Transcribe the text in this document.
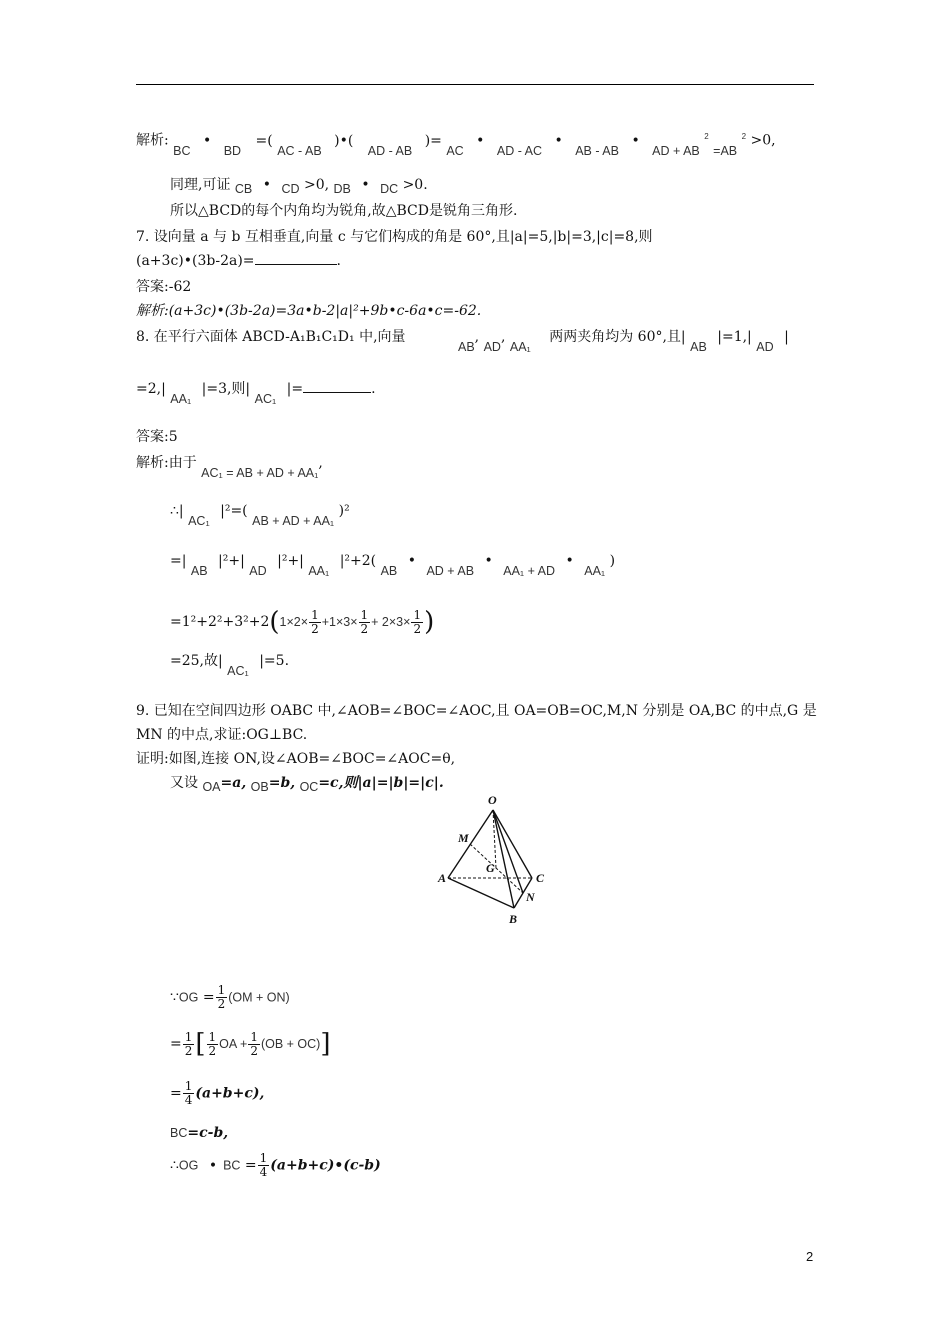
解析: BC • BD =( AC - AB )•( AD - AB )= AC • AD - AC • AB - AB • AD + AB $^2$ =AB $^2$ >0,
同理,可证 CB • CD >0, DB • DC >0.
所以△BCD的每个内角均为锐角,故△BCD是锐角三角形.
7. 设向量 a 与 b 互相垂直,向量 c 与它们构成的角是 60°,且|a|=5,|b|=3,|c|=8,则
(a+3c)•(3b-2a)=	.
答案:-62
解析:(a+3c)•(3b-2a)=3a•b-2|a|²+9b•c-6a•c=-62.
8. 在平行六面体 ABCD-A₁B₁C₁D₁ 中,向量 AB, AD, AA₁ 两两夹角均为 60°,且| AB |=1,| AD |
=2,| AA₁ |=3,则| AC₁ |=	.
答案:5
解析:由于 AC₁ = AB + AD + AA₁,
∴| AC₁ |²=( AB + AD + AA₁ )²
=| AB |²+| AD |²+| AA₁ |²+2( AB • AD + AB • AA₁ + AD • AA₁ )
$=1^2+2^2+3^2+2(1\times 2\times \frac{1}{2} +1\times 3\times \frac{1}{2} + 2\times 3\times \frac{1}{2}$ )
=25,故| AC₁ |=5.
9. 已知在空间四边形 OABC 中,∠AOB=∠BOC=∠AOC,且 OA=OB=OC,M,N 分别是 OA,BC 的中点,G 是
MN 的中点,求证:OG⊥BC.
证明:如图,连接 ON,设∠AOB=∠BOC=∠AOC=θ,
又设 OA=a, OB=b, OC=c,则|a|=|b|=|c|.
O
M
G
A	C
N
B
∵OG = $\frac{1}{2} (OM + ON)$
= $\frac{1}{2}$ [ $\frac{1}{2}$ OA + $\frac{1}{2} (OB + OC)$]
= $\frac{1}{4} (a+b+c)$,
BC=c-b,
∴OG • BC = $\frac{1}{4}$ (a+b+c)•(c-b)
2
